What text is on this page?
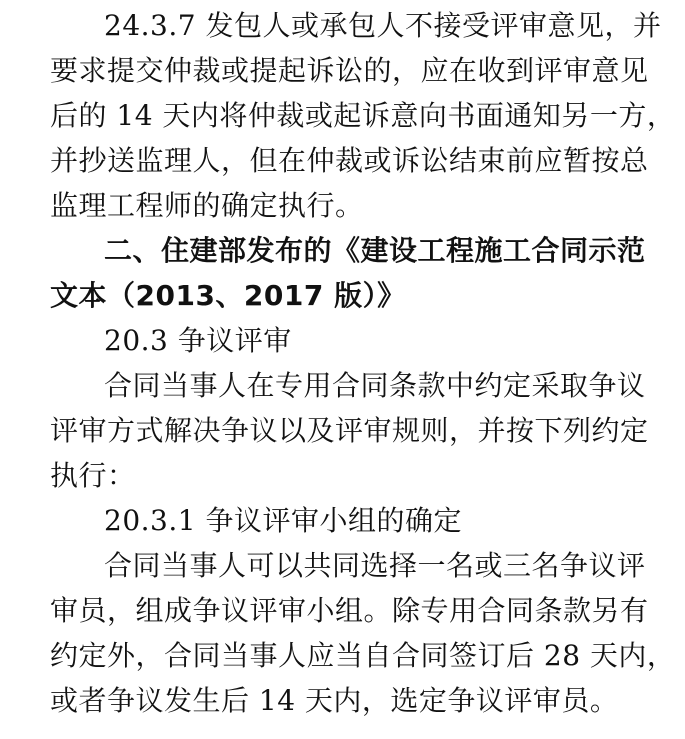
24.3.7 发包人或承包人不接受评审意见，并
要求提交仲裁或提起诉讼的，应在收到评审意见
后的 14 天内将仲裁或起诉意向书面通知另一方，
并抄送监理人，但在仲裁或诉讼结束前应暂按总
监理工程师的确定执行。
二、住建部发布的《建设工程施工合同示范
文本（2013、2017 版）》
20.3 争议评审
合同当事人在专用合同条款中约定采取争议
评审方式解决争议以及评审规则，并按下列约定
执行：
20.3.1 争议评审小组的确定
合同当事人可以共同选择一名或三名争议评
审员，组成争议评审小组。除专用合同条款另有
约定外，合同当事人应当自合同签订后 28 天内，
或者争议发生后 14 天内，选定争议评审员。
